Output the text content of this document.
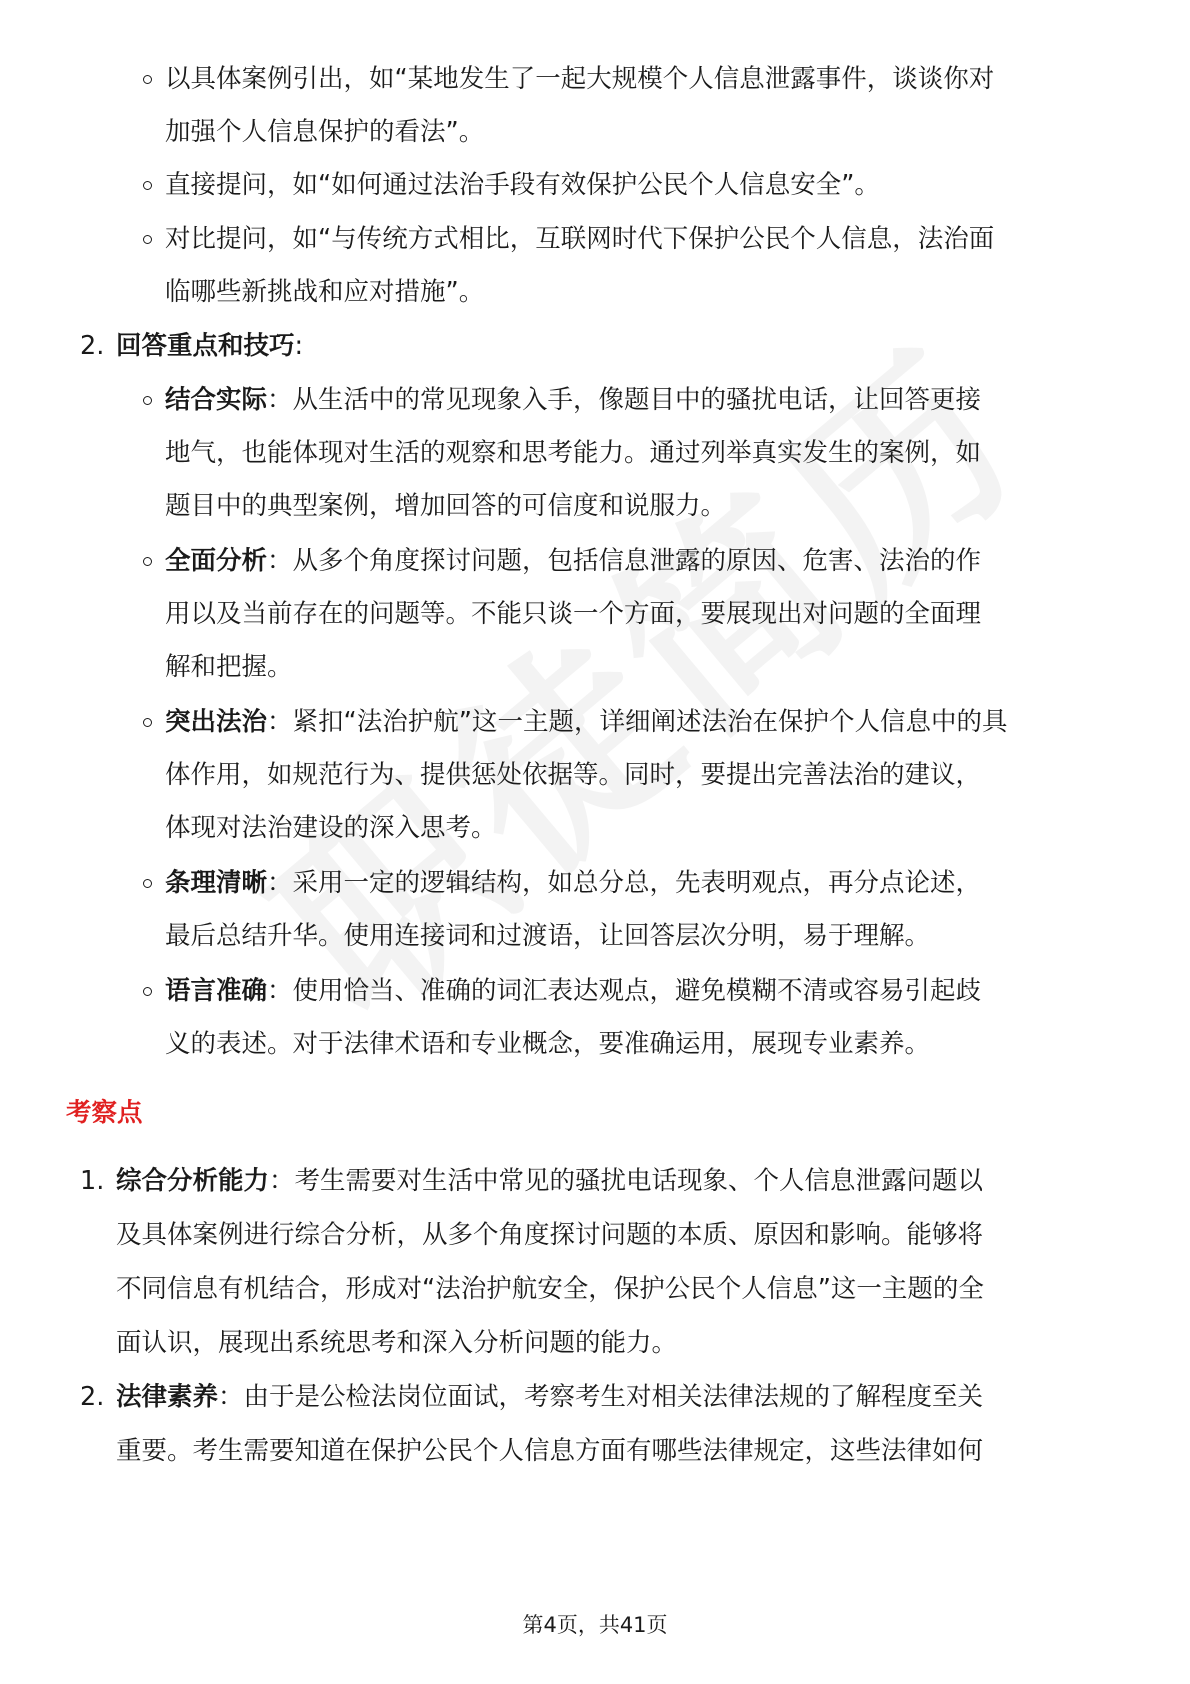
以具体案例引出，如“某地发生了一起大规模个人信息泄露事件，谈谈你对
加强个人信息保护的看法”。
直接提问，如“如何通过法治手段有效保护公民个人信息安全”。
对比提问，如“与传统方式相比，互联网时代下保护公民个人信息，法治面
临哪些新挑战和应对措施”。
2. 回答重点和技巧:
结合实际：从生活中的常见现象入手，像题目中的骚扰电话，让回答更接
地气，也能体现对生活的观察和思考能力。通过列举真实发生的案例，如
题目中的典型案例，增加回答的可信度和说服力。
全面分析：从多个角度探讨问题，包括信息泄露的原因、危害、法治的作
用以及当前存在的问题等。不能只谈一个方面，要展现出对问题的全面理
解和把握。
突出法治：紧扣“法治护航”这一主题，详细阐述法治在保护个人信息中的具
体作用，如规范行为、提供惩处依据等。同时，要提出完善法治的建议，
体现对法治建设的深入思考。
条理清晰：采用一定的逻辑结构，如总分总，先表明观点，再分点论述，
最后总结升华。使用连接词和过渡语，让回答层次分明，易于理解。
语言准确：使用恰当、准确的词汇表达观点，避免模糊不清或容易引起歧
义的表述。对于法律术语和专业概念，要准确运用，展现专业素养。
考察点
1. 综合分析能力：考生需要对生活中常见的骚扰电话现象、个人信息泄露问题以
及具体案例进行综合分析，从多个角度探讨问题的本质、原因和影响。能够将
不同信息有机结合，形成对“法治护航安全，保护公民个人信息”这一主题的全
面认识，展现出系统思考和深入分析问题的能力。
2. 法律素养：由于是公检法岗位面试，考察考生对相关法律法规的了解程度至关
重要。考生需要知道在保护公民个人信息方面有哪些法律规定，这些法律如何
第4页，共41页
